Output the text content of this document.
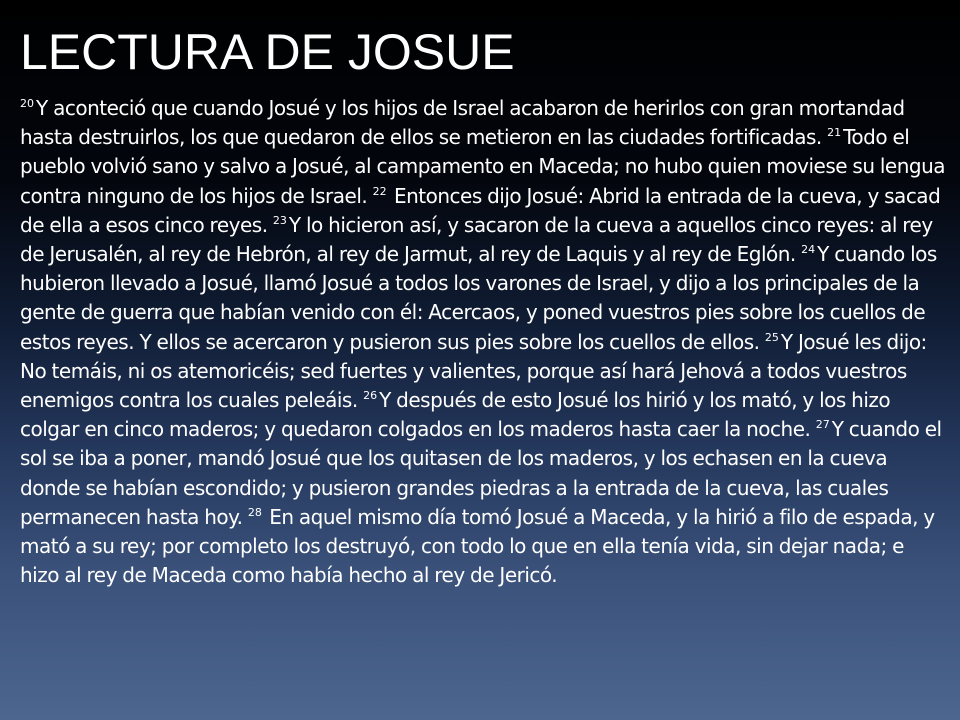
LECTURA DE JOSUE

$^{20}$ Y aconteció que cuando Josué y los hijos de Israel acabaron de herirlos con gran mortandad hasta destruirlos, los que quedaron de ellos se metieron en las ciudades fortificadas. $^{21}$ Todo el pueblo volvió sano y salvo a Josué, al campamento en Maceda; no hubo quien moviese su lengua contra ninguno de los hijos de Israel. $^{22}$ Entonces dijo Josué: Abrid la entrada de la cueva, y sacad de ella a esos cinco reyes. $^{23}$ Y lo hicieron así, y sacaron de la cueva a aquellos cinco reyes: al rey de Jerusalén, al rey de Hebrón, al rey de Jarmut, al rey de Laquis y al rey de Eglón. $^{24}$ Y cuando los hubieron llevado a Josué, llamó Josué a todos los varones de Israel, y dijo a los principales de la gente de guerra que habían venido con él: Acercaos, y poned vuestros pies sobre los cuellos de estos reyes. Y ellos se acercaron y pusieron sus pies sobre los cuellos de ellos. $^{25}$ Y Josué les dijo: No temáis, ni os atemoricéis; sed fuertes y valientes, porque así hará Jehová a todos vuestros enemigos contra los cuales peleáis. $^{26}$ Y después de esto Josué los hirió y los mató, y los hizo colgar en cinco maderos; y quedaron colgados en los maderos hasta caer la noche. $^{27}$ Y cuando el sol se iba a poner, mandó Josué que los quitasen de los maderos, y los echasen en la cueva donde se habían escondido; y pusieron grandes piedras a la entrada de la cueva, las cuales permanecen hasta hoy. $^{28}$ En aquel mismo día tomó Josué a Maceda, y la hirió a filo de espada, y mató a su rey; por completo los destruyó, con todo lo que en ella tenía vida, sin dejar nada; e hizo al rey de Maceda como había hecho al rey de Jericó.
